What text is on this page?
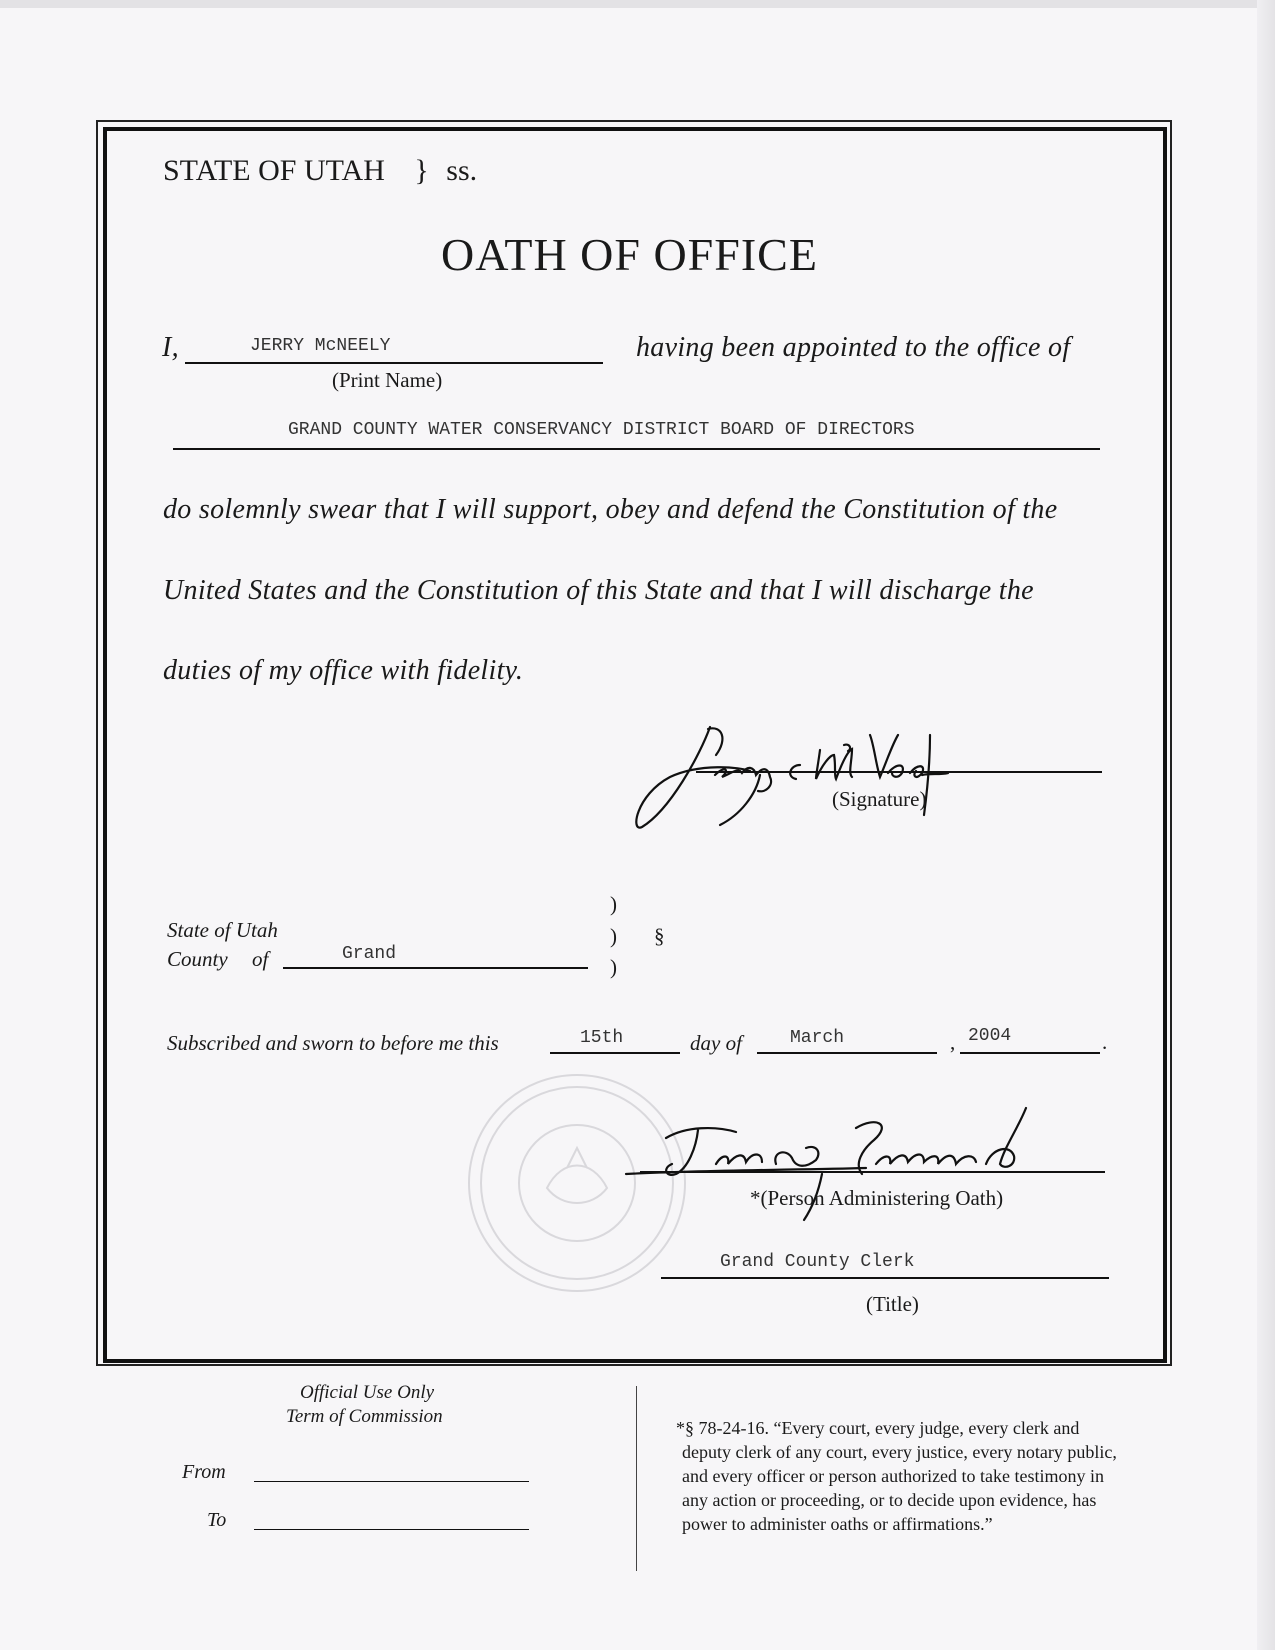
STATE OF UTAH } ss.
OATH OF OFFICE
I,	JERRY McNEELY
(Print Name)
having been appointed to the office of
GRAND COUNTY WATER CONSERVANCY DISTRICT BOARD OF DIRECTORS
do solemnly swear that I will support, obey and defend the Constitution of the
United States and the Constitution of this State and that I will discharge the
duties of my office with fidelity.
(Signature)
State of Utah
County of	Grand
)
)
)
§
Subscribed and sworn to before me this	15th	day of	March	, 2004	.
*(Person Administering Oath)
Grand County Clerk
(Title)
Official Use Only
Term of Commission
From
To
*§ 78-24-16. “Every court, every judge, every clerk and
deputy clerk of any court, every justice, every notary public,
and every officer or person authorized to take testimony in
any action or proceeding, or to decide upon evidence, has
power to administer oaths or affirmations.”
